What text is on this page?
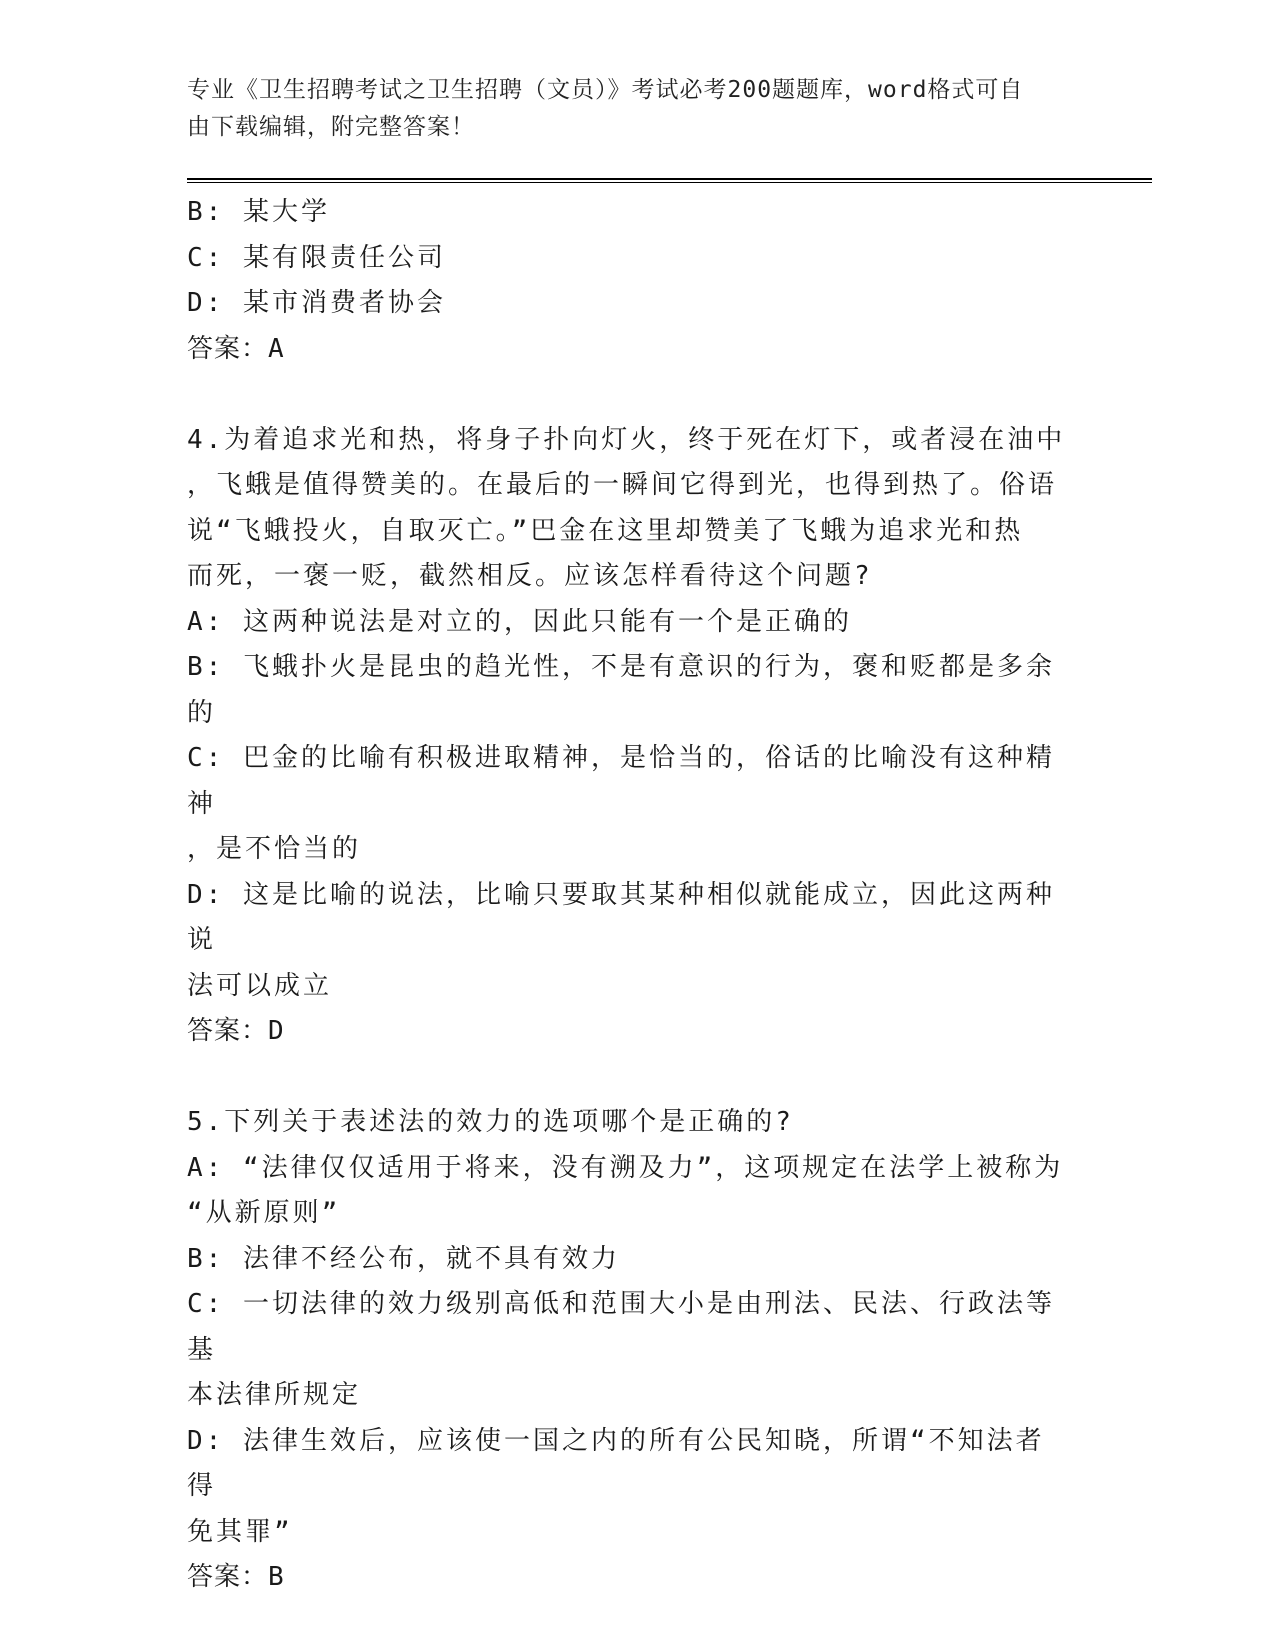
专业《卫生招聘考试之卫生招聘（文员）》考试必考200题题库，word格式可自
由下载编辑，附完整答案！
B: 某大学
C: 某有限责任公司
D: 某市消费者协会
答案：A
4.为着追求光和热，将身子扑向灯火，终于死在灯下，或者浸在油中
，飞蛾是值得赞美的。在最后的一瞬间它得到光，也得到热了。俗语
说“飞蛾投火，自取灭亡。”巴金在这里却赞美了飞蛾为追求光和热
而死，一褒一贬，截然相反。应该怎样看待这个问题?
A: 这两种说法是对立的，因此只能有一个是正确的
B: 飞蛾扑火是昆虫的趋光性，不是有意识的行为，褒和贬都是多余的
C: 巴金的比喻有积极进取精神，是恰当的，俗话的比喻没有这种精神
，是不恰当的
D: 这是比喻的说法，比喻只要取其某种相似就能成立，因此这两种说
法可以成立
答案：D
5.下列关于表述法的效力的选项哪个是正确的?
A: “法律仅仅适用于将来，没有溯及力”，这项规定在法学上被称为
“从新原则”
B: 法律不经公布，就不具有效力
C: 一切法律的效力级别高低和范围大小是由刑法、民法、行政法等基
本法律所规定
D: 法律生效后，应该使一国之内的所有公民知晓，所谓“不知法者得
免其罪”
答案：B
